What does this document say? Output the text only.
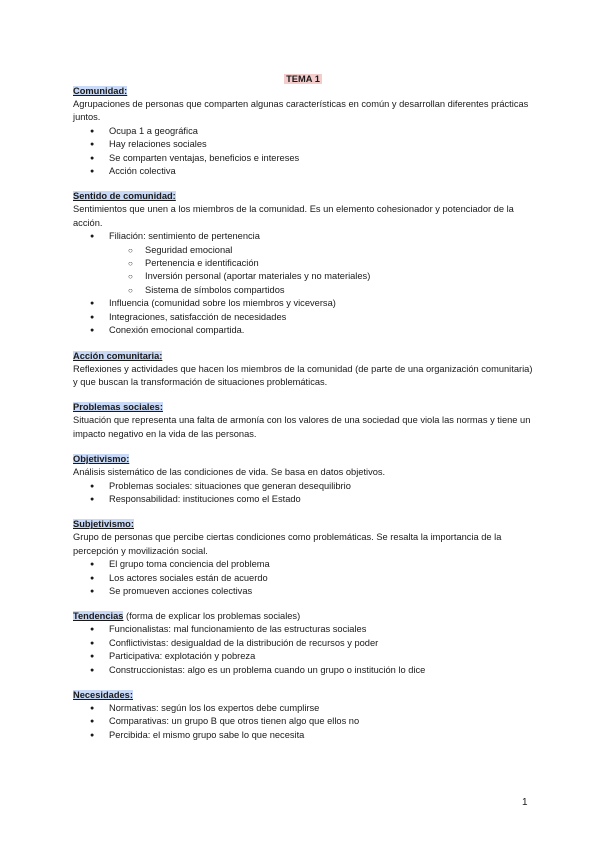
TEMA 1
Comunidad:
Agrupaciones de personas que comparten algunas características en común y desarrollan diferentes prácticas juntos.
● Ocupa 1 a geográfica
● Hay relaciones sociales
● Se comparten ventajas, beneficios e intereses
● Acción colectiva
Sentido de comunidad:
Sentimientos que unen a los miembros de la comunidad. Es un elemento cohesionador y potenciador de la acción.
● Filiación: sentimiento de pertenencia
○ Seguridad emocional
○ Pertenencia e identificación
○ Inversión personal (aportar materiales y no materiales)
○ Sistema de símbolos compartidos
● Influencia (comunidad sobre los miembros y viceversa)
● Integraciones, satisfacción de necesidades
● Conexión emocional compartida.
Acción comunitaria:
Reflexiones y actividades que hacen los miembros de la comunidad (de parte de una organización comunitaria) y que buscan la transformación de situaciones problemáticas.
Problemas sociales:
Situación que representa una falta de armonía con los valores de una sociedad que viola las normas y tiene un impacto negativo en la vida de las personas.
Objetivismo:
Análisis sistemático de las condiciones de vida. Se basa en datos objetivos.
● Problemas sociales: situaciones que generan desequilibrio
● Responsabilidad: instituciones como el Estado
Subjetivismo:
Grupo de personas que percibe ciertas condiciones como problemáticas. Se resalta la importancia de la percepción y movilización social.
● El grupo toma conciencia del problema
● Los actores sociales están de acuerdo
● Se promueven acciones colectivas
Tendencias (forma de explicar los problemas sociales)
● Funcionalistas: mal funcionamiento de las estructuras sociales
● Conflictivistas: desigualdad de la distribución de recursos y poder
● Participativa: explotación y pobreza
● Construccionistas: algo es un problema cuando un grupo o institución lo dice
Necesidades:
● Normativas: según los los expertos debe cumplirse
● Comparativas: un grupo B que otros tienen algo que ellos no
● Percibida: el mismo grupo sabe lo que necesita
1
